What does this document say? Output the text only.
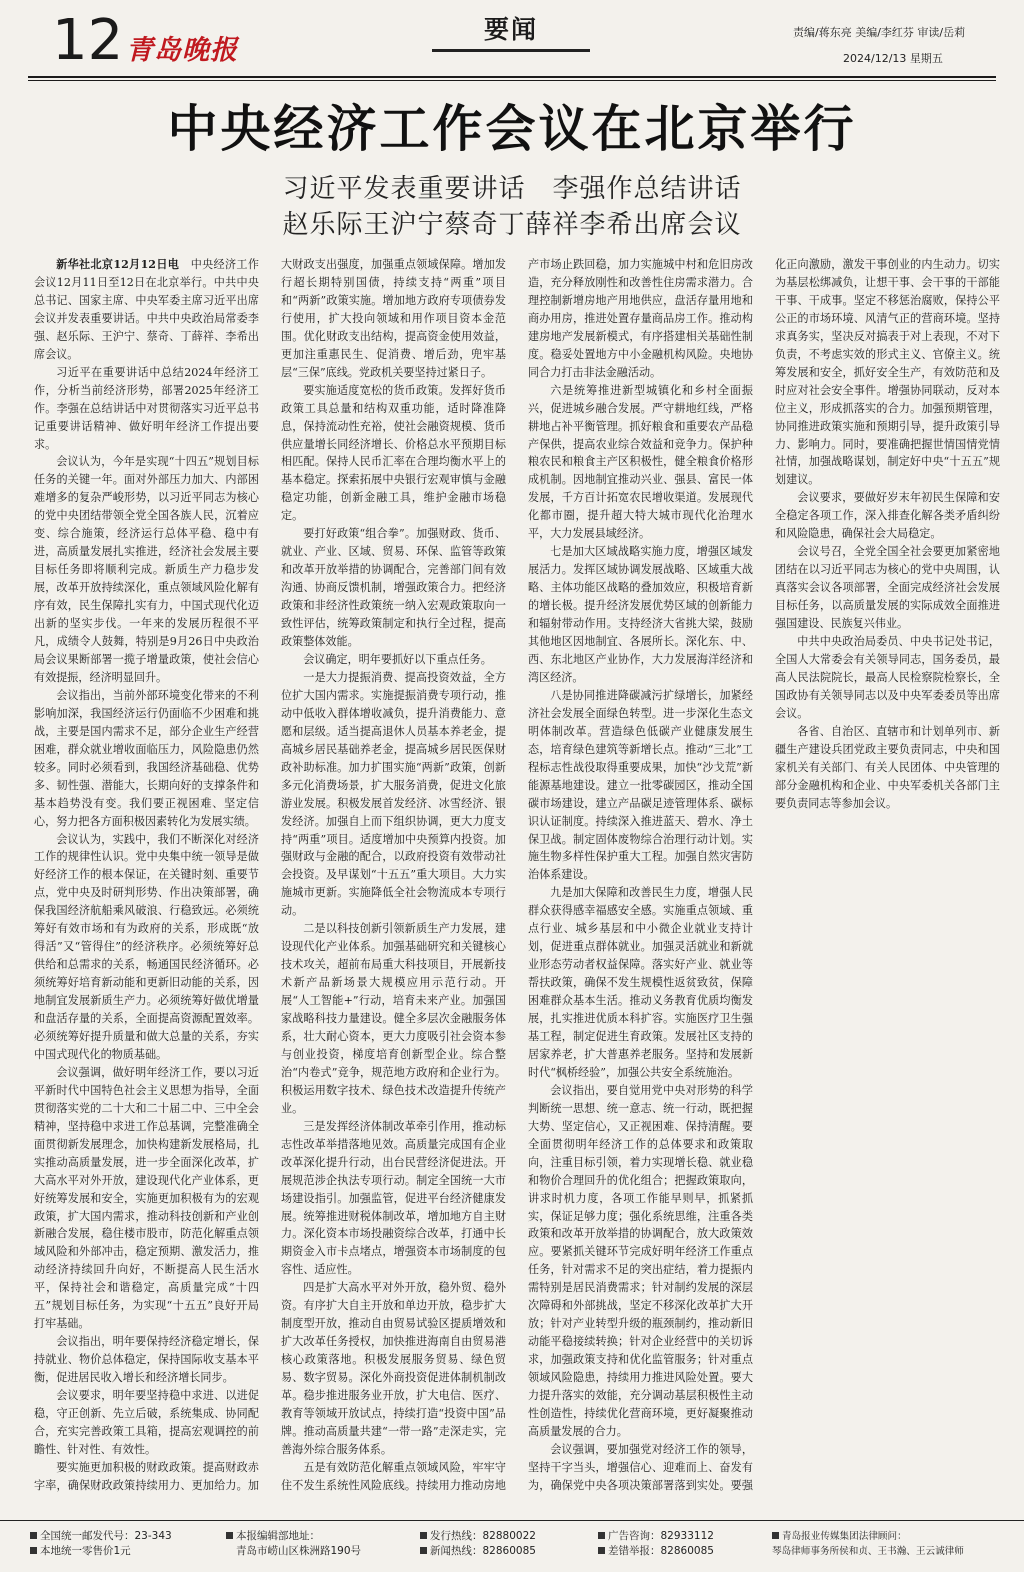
12 青岛晚报
要闻	责编/蒋东亮 美编/李红芬 审读/岳莉
2024/12/13 星期五
中央经济工作会议在北京举行
习近平发表重要讲话　李强作总结讲话
赵乐际王沪宁蔡奇丁薛祥李希出席会议

新华社北京12月12日电　 中央经济工作会议12月11日至12日在北京举行。中共中央总书记、国家主席、中央军委主席习近平出席会议并发表重要讲话。中共中央政治局常委李强、赵乐际、王沪宁、蔡奇、丁薛祥、李希出席会议。

习近平在重要讲话中总结2024年经济工作，分析当前经济形势，部署2025年经济工作。李强在总结讲话中对贯彻落实习近平总书记重要讲话精神、做好明年经济工作提出要求。

会议认为，今年是实现“十四五”规划目标任务的关键一年。面对外部压力加大、内部困难增多的复杂严峻形势，以习近平同志为核心的党中央团结带领全党全国各族人民，沉着应变、综合施策，经济运行总体平稳、稳中有进，高质量发展扎实推进，经济社会发展主要目标任务即将顺利完成。新质生产力稳步发展，改革开放持续深化，重点领域风险化解有序有效，民生保障扎实有力，中国式现代化迈出新的坚实步伐。一年来的发展历程很不平凡，成绩令人鼓舞，特别是9月26日中央政治局会议果断部署一揽子增量政策，使社会信心有效提振，经济明显回升。

会议指出，当前外部环境变化带来的不利影响加深，我国经济运行仍面临不少困难和挑战，主要是国内需求不足，部分企业生产经营困难，群众就业增收面临压力，风险隐患仍然较多。同时必须看到，我国经济基础稳、优势多、韧性强、潜能大，长期向好的支撑条件和基本趋势没有变。我们要正视困难、坚定信心，努力把各方面积极因素转化为发展实绩。

会议认为，实践中，我们不断深化对经济工作的规律性认识。党中央集中统一领导是做好经济工作的根本保证，在关键时刻、重要节点，党中央及时研判形势、作出决策部署，确保我国经济航船乘风破浪、行稳致远。必须统筹好有效市场和有为政府的关系，形成既“放得活”又“管得住”的经济秩序。必须统筹好总供给和总需求的关系，畅通国民经济循环。必须统筹好培育新动能和更新旧动能的关系，因地制宜发展新质生产力。必须统筹好做优增量和盘活存量的关系，全面提高资源配置效率。必须统筹好提升质量和做大总量的关系，夯实中国式现代化的物质基础。

会议强调，做好明年经济工作，要以习近平新时代中国特色社会主义思想为指导，全面贯彻落实党的二十大和二十届二中、三中全会精神，坚持稳中求进工作总基调，完整准确全面贯彻新发展理念，加快构建新发展格局，扎实推动高质量发展，进一步全面深化改革，扩大高水平对外开放，建设现代化产业体系，更好统筹发展和安全，实施更加积极有为的宏观政策，扩大国内需求，推动科技创新和产业创新融合发展，稳住楼市股市，防范化解重点领域风险和外部冲击，稳定预期、激发活力，推动经济持续回升向好，不断提高人民生活水平，保持社会和谐稳定，高质量完成“十四五”规划目标任务，为实现“十五五”良好开局打牢基础。

会议指出，明年要保持经济稳定增长，保持就业、物价总体稳定，保持国际收支基本平衡，促进居民收入增长和经济增长同步。

会议要求，明年要坚持稳中求进、以进促稳，守正创新、先立后破，系统集成、协同配合，充实完善政策工具箱，提高宏观调控的前瞻性、针对性、有效性。

要实施更加积极的财政政策。提高财政赤字率，确保财政政策持续用力、更加给力。加大财政支出强度，加强重点领域保障。增加发行超长期特别国债，持续支持“两重”项目和“两新”政策实施。增加地方政府专项债券发行使用，扩大投向领域和用作项目资本金范围。优化财政支出结构，提高资金使用效益，更加注重惠民生、促消费、增后劲，兜牢基层“三保”底线。党政机关要坚持过紧日子。

要实施适度宽松的货币政策。发挥好货币政策工具总量和结构双重功能，适时降准降息，保持流动性充裕，使社会融资规模、货币供应量增长同经济增长、价格总水平预期目标相匹配。保持人民币汇率在合理均衡水平上的基本稳定。探索拓展中央银行宏观审慎与金融稳定功能，创新金融工具，维护金融市场稳定。

要打好政策“组合拳”。加强财政、货币、就业、产业、区域、贸易、环保、监管等政策和改革开放举措的协调配合，完善部门间有效沟通、协商反馈机制，增强政策合力。把经济政策和非经济性政策统一纳入宏观政策取向一致性评估，统筹政策制定和执行全过程，提高政策整体效能。

会议确定，明年要抓好以下重点任务。

一是大力提振消费、提高投资效益，全方位扩大国内需求。实施提振消费专项行动，推动中低收入群体增收减负，提升消费能力、意愿和层级。适当提高退休人员基本养老金，提高城乡居民基础养老金，提高城乡居民医保财政补助标准。加力扩围实施“两新”政策，创新多元化消费场景，扩大服务消费，促进文化旅游业发展。积极发展首发经济、冰雪经济、银发经济。加强自上而下组织协调，更大力度支持“两重”项目。适度增加中央预算内投资。加强财政与金融的配合，以政府投资有效带动社会投资。及早谋划“十五五”重大项目。大力实施城市更新。实施降低全社会物流成本专项行动。

二是以科技创新引领新质生产力发展，建设现代化产业体系。加强基础研究和关键核心技术攻关，超前布局重大科技项目，开展新技术新产品新场景大规模应用示范行动。开展“人工智能+”行动，培育未来产业。加强国家战略科技力量建设。健全多层次金融服务体系，壮大耐心资本，更大力度吸引社会资本参与创业投资，梯度培育创新型企业。综合整治“内卷式”竞争，规范地方政府和企业行为。积极运用数字技术、绿色技术改造提升传统产业。

三是发挥经济体制改革牵引作用，推动标志性改革举措落地见效。高质量完成国有企业改革深化提升行动，出台民营经济促进法。开展规范涉企执法专项行动。制定全国统一大市场建设指引。加强监管，促进平台经济健康发展。统筹推进财税体制改革，增加地方自主财力。深化资本市场投融资综合改革，打通中长期资金入市卡点堵点，增强资本市场制度的包容性、适应性。

四是扩大高水平对外开放，稳外贸、稳外资。有序扩大自主开放和单边开放，稳步扩大制度型开放，推动自由贸易试验区提质增效和扩大改革任务授权，加快推进海南自由贸易港核心政策落地。积极发展服务贸易、绿色贸易、数字贸易。深化外商投资促进体制机制改革。稳步推进服务业开放，扩大电信、医疗、教育等领域开放试点，持续打造“投资中国”品牌。推动高质量共建“一带一路”走深走实，完善海外综合服务体系。

五是有效防范化解重点领域风险，牢牢守住不发生系统性风险底线。持续用力推动房地产市场止跌回稳，加力实施城中村和危旧房改造，充分释放刚性和改善性住房需求潜力。合理控制新增房地产用地供应，盘活存量用地和商办用房，推进处置存量商品房工作。推动构建房地产发展新模式，有序搭建相关基础性制度。稳妥处置地方中小金融机构风险。央地协同合力打击非法金融活动。

六是统筹推进新型城镇化和乡村全面振兴，促进城乡融合发展。严守耕地红线，严格耕地占补平衡管理。抓好粮食和重要农产品稳产保供，提高农业综合效益和竞争力。保护种粮农民和粮食主产区积极性，健全粮食价格形成机制。因地制宜推动兴业、强县、富民一体发展，千方百计拓宽农民增收渠道。发展现代化都市圈，提升超大特大城市现代化治理水平，大力发展县域经济。

七是加大区域战略实施力度，增强区域发展活力。发挥区域协调发展战略、区域重大战略、主体功能区战略的叠加效应，积极培育新的增长极。提升经济发展优势区域的创新能力和辐射带动作用。支持经济大省挑大梁，鼓励其他地区因地制宜、各展所长。深化东、中、西、东北地区产业协作，大力发展海洋经济和湾区经济。

八是协同推进降碳减污扩绿增长，加紧经济社会发展全面绿色转型。进一步深化生态文明体制改革。营造绿色低碳产业健康发展生态，培育绿色建筑等新增长点。推动“三北”工程标志性战役取得重要成果，加快“沙戈荒”新能源基地建设。建立一批零碳园区，推动全国碳市场建设，建立产品碳足迹管理体系、碳标识认证制度。持续深入推进蓝天、碧水、净土保卫战。制定固体废物综合治理行动计划。实施生物多样性保护重大工程。加强自然灾害防治体系建设。

九是加大保障和改善民生力度，增强人民群众获得感幸福感安全感。实施重点领域、重点行业、城乡基层和中小微企业就业支持计划，促进重点群体就业。加强灵活就业和新就业形态劳动者权益保障。落实好产业、就业等帮扶政策，确保不发生规模性返贫致贫，保障困难群众基本生活。推动义务教育优质均衡发展，扎实推进优质本科扩容。实施医疗卫生强基工程，制定促进生育政策。发展社区支持的居家养老，扩大普惠养老服务。坚持和发展新时代“枫桥经验”，加强公共安全系统施治。

会议指出，要自觉用党中央对形势的科学判断统一思想、统一意志、统一行动，既把握大势、坚定信心，又正视困难、保持清醒。要全面贯彻明年经济工作的总体要求和政策取向，注重目标引领，着力实现增长稳、就业稳和物价合理回升的优化组合；把握政策取向，讲求时机力度，各项工作能早则早，抓紧抓实，保证足够力度；强化系统思维，注重各类政策和改革开放举措的协调配合，放大政策效应。要紧抓关键环节完成好明年经济工作重点任务，针对需求不足的突出症结，着力提振内需特别是居民消费需求；针对制约发展的深层次障碍和外部挑战，坚定不移深化改革扩大开放；针对产业转型升级的瓶颈制约，推动新旧动能平稳接续转换；针对企业经营中的关切诉求，加强政策支持和优化监管服务；针对重点领域风险隐患，持续用力推进风险处置。要大力提升落实的效能，充分调动基层积极性主动性创造性，持续优化营商环境，更好凝聚推动高质量发展的合力。

会议强调，要加强党对经济工作的领导，坚持干字当头，增强信心、迎难而上、奋发有为，确保党中央各项决策部署落到实处。要强化正向激励，激发干事创业的内生动力。切实为基层松绑减负，让想干事、会干事的干部能干事、干成事。坚定不移惩治腐败，保持公平公正的市场环境、风清气正的营商环境。坚持求真务实，坚决反对搞表于对上表现，不对下负责，不考虑实效的形式主义、官僚主义。统筹发展和安全，抓好安全生产，有效防范和及时应对社会安全事件。增强协同联动，反对本位主义，形成抓落实的合力。加强预期管理，协同推进政策实施和预期引导，提升政策引导力、影响力。同时，要准确把握世情国情党情社情，加强战略谋划，制定好中央“十五五”规划建议。

会议要求，要做好岁末年初民生保障和安全稳定各项工作，深入排查化解各类矛盾纠纷和风险隐患，确保社会大局稳定。

会议号召，全党全国全社会要更加紧密地团结在以习近平同志为核心的党中央周围，认真落实会议各项部署，全面完成经济社会发展目标任务，以高质量发展的实际成效全面推进强国建设、民族复兴伟业。

中共中央政治局委员、中央书记处书记，全国人大常委会有关领导同志，国务委员，最高人民法院院长，最高人民检察院检察长，全国政协有关领导同志以及中央军委委员等出席会议。

各省、自治区、直辖市和计划单列市、新疆生产建设兵团党政主要负责同志，中央和国家机关有关部门、有关人民团体、中央管理的部分金融机构和企业、中央军委机关各部门主要负责同志等参加会议。

全国统一邮发代号：23-343
本地统一零售价1元
本报编辑部地址：
青岛市崂山区株洲路190号
发行热线：82880022
新闻热线：82860085
广告咨询：82933112
差错举报：82860085
青岛报业传媒集团法律顾问：
琴岛律师事务所侯和贞、王书瀚、王云诚律师
